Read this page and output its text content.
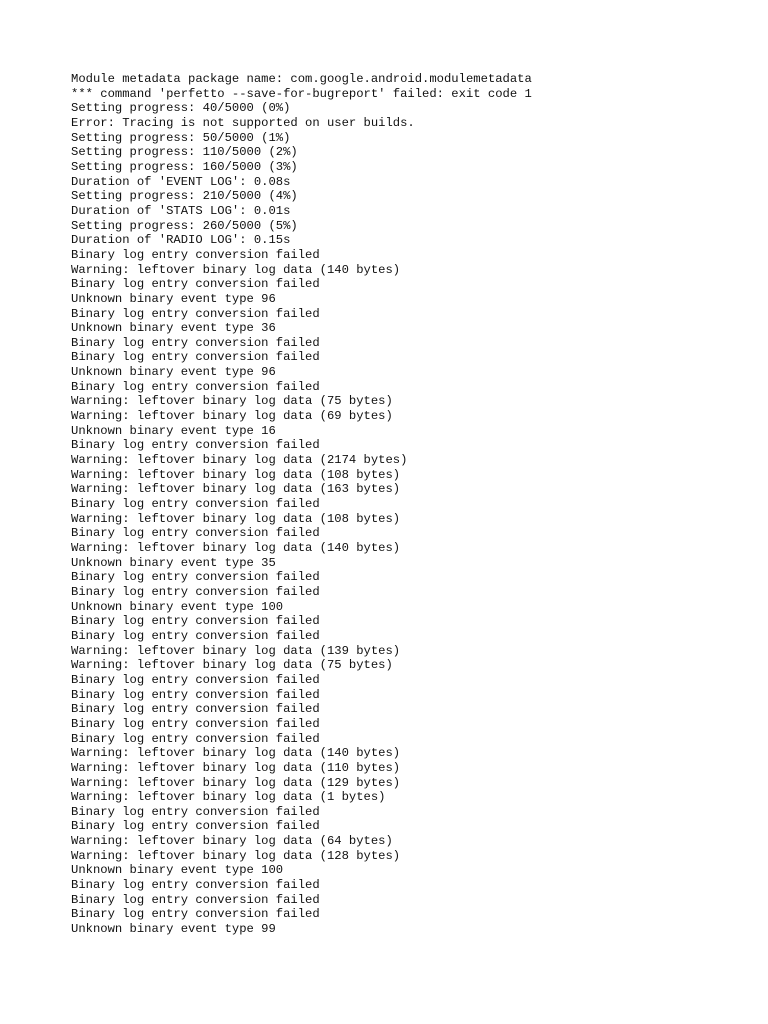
Module metadata package name: com.google.android.modulemetadata
*** command 'perfetto --save-for-bugreport' failed: exit code 1
Setting progress: 40/5000 (0%)
Error: Tracing is not supported on user builds.
Setting progress: 50/5000 (1%)
Setting progress: 110/5000 (2%)
Setting progress: 160/5000 (3%)
Duration of 'EVENT LOG': 0.08s
Setting progress: 210/5000 (4%)
Duration of 'STATS LOG': 0.01s
Setting progress: 260/5000 (5%)
Duration of 'RADIO LOG': 0.15s
Binary log entry conversion failed
Warning: leftover binary log data (140 bytes)
Binary log entry conversion failed
Unknown binary event type 96
Binary log entry conversion failed
Unknown binary event type 36
Binary log entry conversion failed
Binary log entry conversion failed
Unknown binary event type 96
Binary log entry conversion failed
Warning: leftover binary log data (75 bytes)
Warning: leftover binary log data (69 bytes)
Unknown binary event type 16
Binary log entry conversion failed
Warning: leftover binary log data (2174 bytes)
Warning: leftover binary log data (108 bytes)
Warning: leftover binary log data (163 bytes)
Binary log entry conversion failed
Warning: leftover binary log data (108 bytes)
Binary log entry conversion failed
Warning: leftover binary log data (140 bytes)
Unknown binary event type 35
Binary log entry conversion failed
Binary log entry conversion failed
Unknown binary event type 100
Binary log entry conversion failed
Binary log entry conversion failed
Warning: leftover binary log data (139 bytes)
Warning: leftover binary log data (75 bytes)
Binary log entry conversion failed
Binary log entry conversion failed
Binary log entry conversion failed
Binary log entry conversion failed
Binary log entry conversion failed
Warning: leftover binary log data (140 bytes)
Warning: leftover binary log data (110 bytes)
Warning: leftover binary log data (129 bytes)
Warning: leftover binary log data (1 bytes)
Binary log entry conversion failed
Binary log entry conversion failed
Warning: leftover binary log data (64 bytes)
Warning: leftover binary log data (128 bytes)
Unknown binary event type 100
Binary log entry conversion failed
Binary log entry conversion failed
Binary log entry conversion failed
Unknown binary event type 99
